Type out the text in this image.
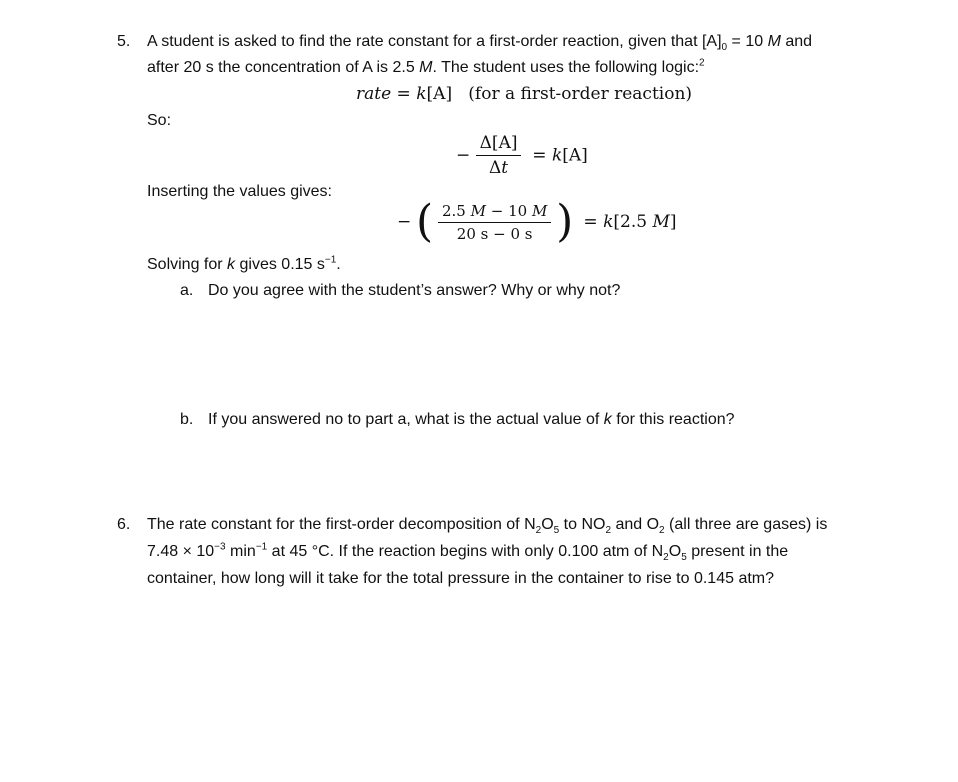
5. A student is asked to find the rate constant for a first-order reaction, given that $[A]_0 = 10$ M and
after 20 s the concentration of A is 2.5 M. The student uses the following logic:$^2$
rate = k[A]   (for a first-order reaction)
So:
− $\frac{\Delta[A]}{\Delta t} = k[A]$
Inserting the values gives:
− ( $\frac{2.5 M - 10 M}{20 s - 0 s}$ )  = k[2.5 M]
Solving for k gives 0.15 $s^{-1}$.
a. Do you agree with the student’s answer? Why or why not?
b. If you answered no to part a, what is the actual value of k for this reaction?
6. The rate constant for the first-order decomposition of $N_2O_5$ to $NO_2$ and $O_2$ (all three are gases) is
$7.48 \times 10^{-3}$ $\min^{-1}$ at 45 °C. If the reaction begins with only 0.100 atm of $N_2O_5$ present in the
container, how long will it take for the total pressure in the container to rise to 0.145 atm?
